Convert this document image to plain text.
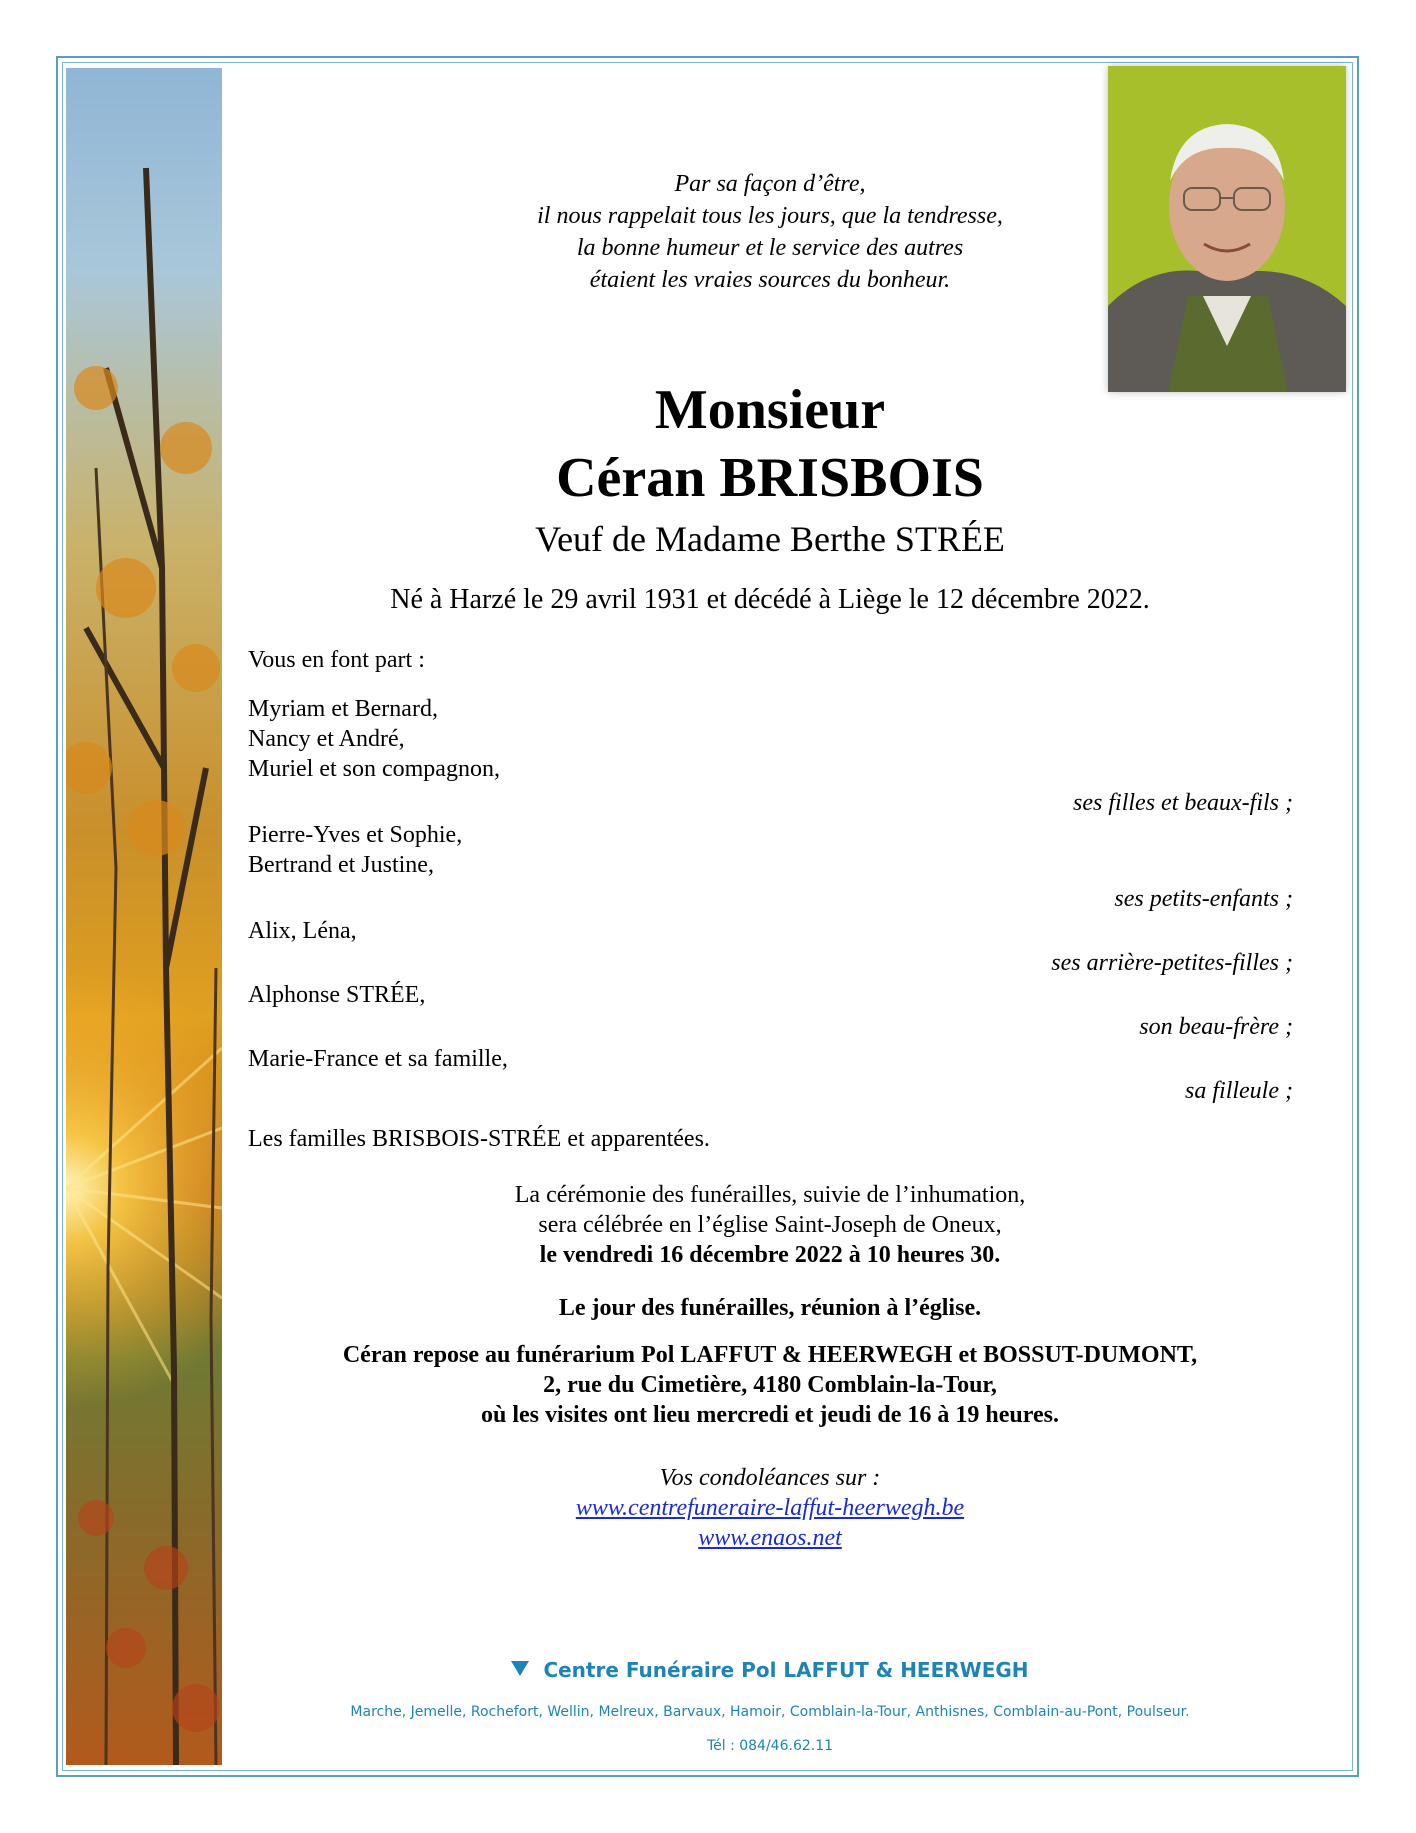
Par sa façon d’être,
il nous rappelait tous les jours, que la tendresse,
la bonne humeur et le service des autres
étaient les vraies sources du bonheur.
Monsieur
Céran BRISBOIS
Veuf de Madame Berthe STRÉE
Né à Harzé le 29 avril 1931 et décédé à Liège le 12 décembre 2022.
Vous en font part :
Myriam et Bernard,
Nancy et André,
Muriel et son compagnon,
ses filles et beaux-fils ;
Pierre-Yves et Sophie,
Bertrand et Justine,
ses petits-enfants ;
Alix, Léna,
ses arrière-petites-filles ;
Alphonse STRÉE,
son beau-frère ;
Marie-France et sa famille,
sa filleule ;
Les familles BRISBOIS-STRÉE et apparentées.
La cérémonie des funérailles, suivie de l’inhumation,
sera célébrée en l’église Saint-Joseph de Oneux,
le vendredi 16 décembre 2022 à 10 heures 30.
Le jour des funérailles, réunion à l’église.
Céran repose au funérarium Pol LAFFUT & HEERWEGH et BOSSUT-DUMONT,
2, rue du Cimetière, 4180 Comblain-la-Tour,
où les visites ont lieu mercredi et jeudi de 16 à 19 heures.
Vos condoléances sur :
www.centrefuneraire-laffut-heerwegh.be
www.enaos.net
Centre Funéraire Pol LAFFUT & HEERWEGH
Marche, Jemelle, Rochefort, Wellin, Melreux, Barvaux, Hamoir, Comblain-la-Tour, Anthisnes, Comblain-au-Pont, Poulseur.
Tél : 084/46.62.11
